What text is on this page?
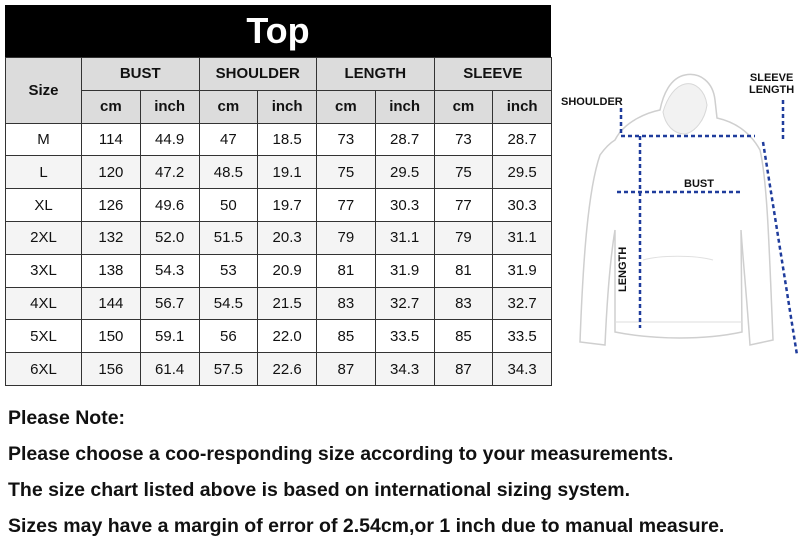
Top
Size	BUST		SHOULDER		LENGTH		SLEEVE	
	cm	inch	cm	inch	cm	inch	cm	inch
M	114	44.9	47	18.5	73	28.7	73	28.7
L	120	47.2	48.5	19.1	75	29.5	75	29.5
XL	126	49.6	50	19.7	77	30.3	77	30.3
2XL	132	52.0	51.5	20.3	79	31.1	79	31.1
3XL	138	54.3	53	20.9	81	31.9	81	31.9
4XL	144	56.7	54.5	21.5	83	32.7	83	32.7
5XL	150	59.1	56	22.0	85	33.5	85	33.5
6XL	156	61.4	57.5	22.6	87	34.3	87	34.3
SHOULDER
SLEEVE
LENGTH
BUST
LENGTH
Please Note:
Please choose a coo-responding size according to your measurements.
The size chart listed above is based on international sizing system.
Sizes may have a margin of error of 2.54cm,or 1 inch due to manual measure.
